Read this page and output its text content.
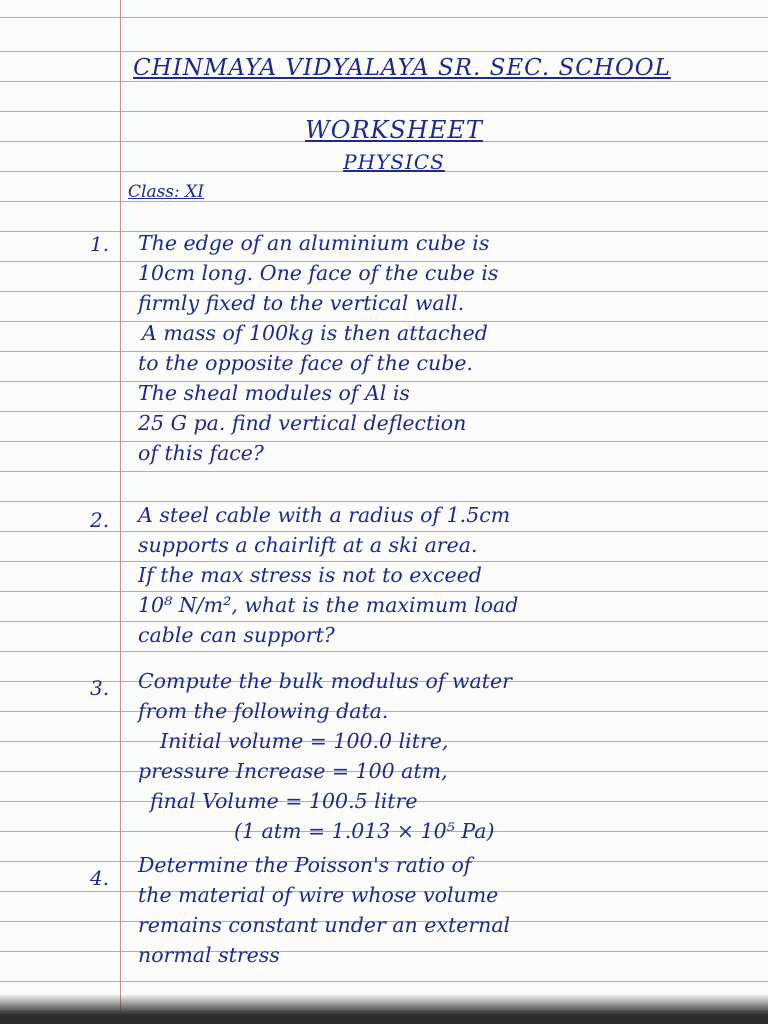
CHINMAYA VIDYALAYA SR. SEC. SCHOOL
WORKSHEET
PHYSICS
Class: XI
1. The edge of an aluminium cube is
10cm long. One face of the cube is
firmly fixed to the vertical wall.
A mass of 100kg is then attached
to the opposite face of the cube.
The sheal modules of Al is
25 G pa. find vertical deflection
of this face?
2. A steel cable with a radius of 1.5cm
supports a chairlift at a ski area.
If the max stress is not to exceed
10⁸ N/m², what is the maximum load
cable can support?
3. Compute the bulk modulus of water
from the following data.
Initial volume = 100.0 litre,
pressure Increase = 100 atm,
final Volume = 100.5 litre
(1 atm = 1.013 × 10⁵ Pa)
4.
Determine the Poisson's ratio of
the material of wire whose volume
remains constant under an external
normal stress
